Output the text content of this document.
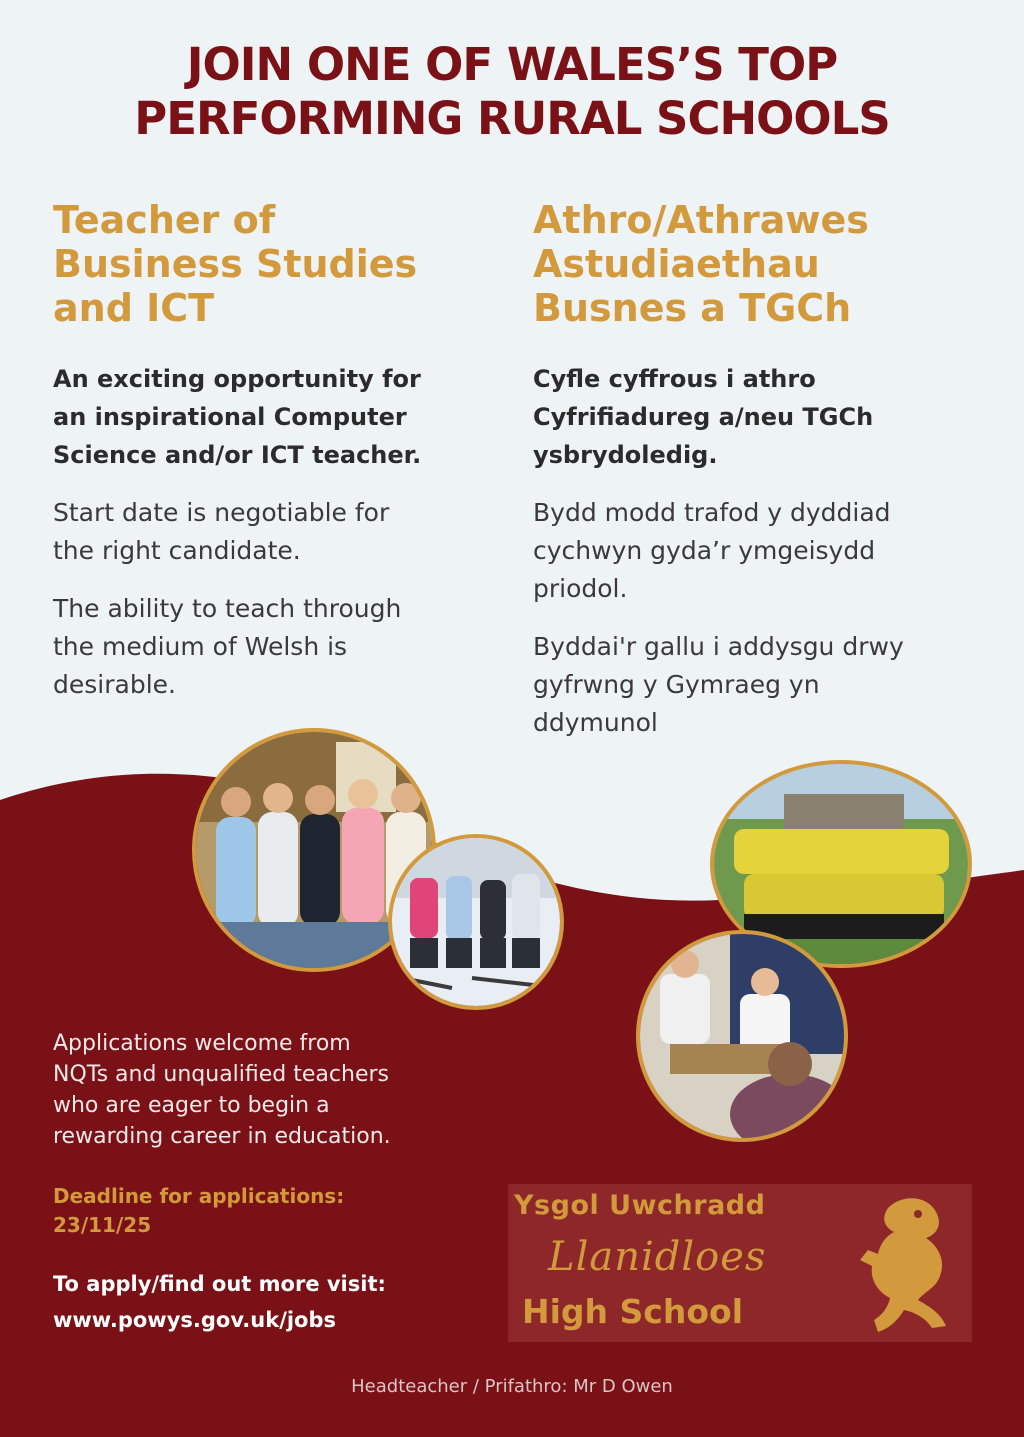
JOIN ONE OF WALES’S TOP
PERFORMING RURAL SCHOOLS
Teacher of
Business Studies
and ICT
An exciting opportunity for
an inspirational Computer
Science and/or ICT teacher.
Start date is negotiable for
the right candidate.
The ability to teach through
the medium of Welsh is
desirable.
Athro/Athrawes
Astudiaethau
Busnes a TGCh
Cyfle cyffrous i athro
Cyfrifiadureg a/neu TGCh
ysbrydoledig.
Bydd modd trafod y dyddiad
cychwyn gyda’r ymgeisydd
priodol.
Byddai'r gallu i addysgu drwy
gyfrwng y Gymraeg yn
ddymunol
Applications welcome from
NQTs and unqualified teachers
who are eager to begin a
rewarding career in education.
Deadline for applications:
23/11/25
To apply/find out more visit:
www.powys.gov.uk/jobs
Ysgol Uwchradd
Llanidloes
High School
Headteacher / Prifathro: Mr D Owen
